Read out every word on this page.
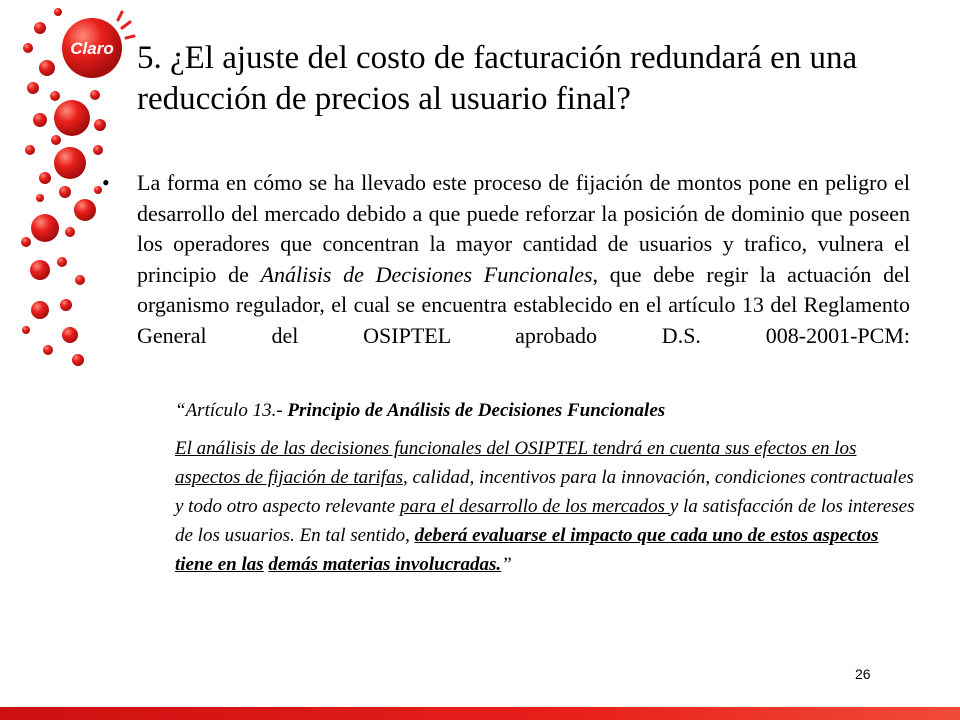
Claro 5. ¿El ajuste del costo de facturación redundará en una reducción de precios al usuario final?
• La forma en cómo se ha llevado este proceso de fijación de montos pone en peligro el desarrollo del mercado debido a que puede reforzar la posición de dominio que poseen los operadores que concentran la mayor cantidad de usuarios y trafico, vulnera el principio de Análisis de Decisiones Funcionales, que debe regir la actuación del organismo regulador, el cual se encuentra establecido en el artículo 13 del Reglamento General del OSIPTEL aprobado D.S. 008-2001-PCM:

“Artículo 13.- Principio de Análisis de Decisiones Funcionales

El análisis de las decisiones funcionales del OSIPTEL tendrá en cuenta sus efectos en los aspectos de fijación de tarifas, calidad, incentivos para la innovación, condiciones contractuales y todo otro aspecto relevante para el desarrollo de los mercados y la satisfacción de los intereses de los usuarios. En tal sentido, deberá evaluarse el impacto que cada uno de estos aspectos tiene en las demás materias involucradas.”

26
